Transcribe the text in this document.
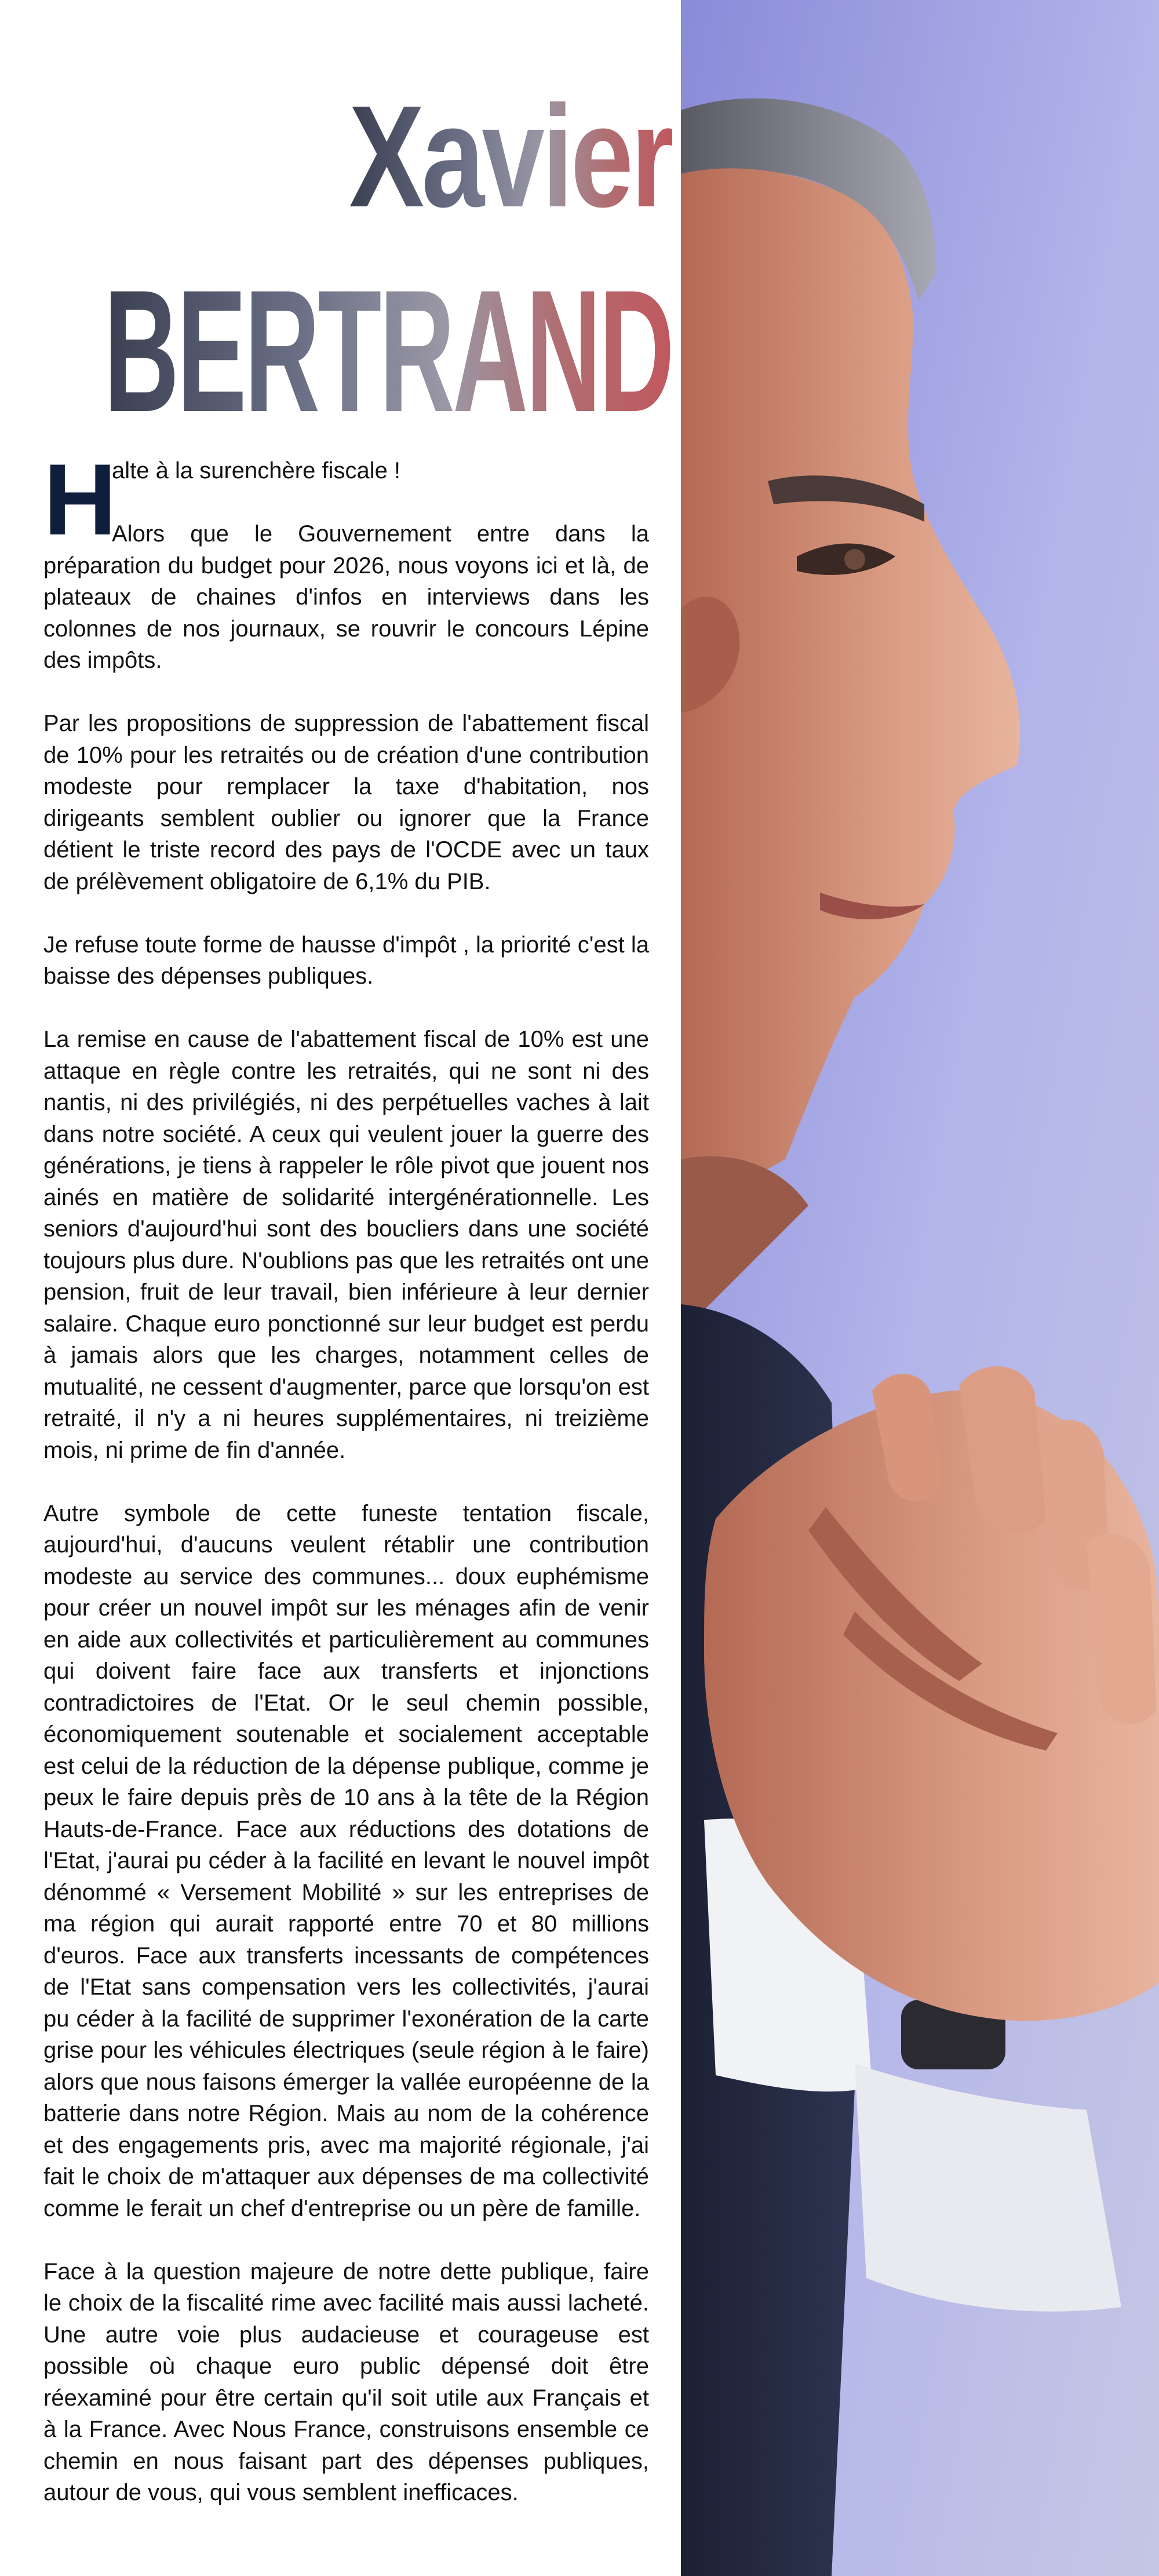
Xavier
BERTRAND
H
alte à la surenchère fiscale !
Alors que le Gouvernement entre dans la préparation du budget pour 2026, nous voyons ici et là, de plateaux de chaines d'infos en interviews dans les colonnes de nos journaux, se rouvrir le concours Lépine des impôts.

Par les propositions de suppression de l'abattement fiscal de 10% pour les retraités ou de création d'une contribution modeste pour remplacer la taxe d'habitation, nos dirigeants semblent oublier ou ignorer que la France détient le triste record des pays de l'OCDE avec un taux de prélèvement obligatoire de 6,1% du PIB.

Je refuse toute forme de hausse d'impôt , la priorité c'est la baisse des dépenses publiques.

La remise en cause de l'abattement fiscal de 10% est une attaque en règle contre les retraités, qui ne sont ni des nantis, ni des privilégiés, ni des perpétuelles vaches à lait dans notre société. A ceux qui veulent jouer la guerre des générations, je tiens à rappeler le rôle pivot que jouent nos ainés en matière de solidarité intergénérationnelle. Les seniors d'aujourd'hui sont des boucliers dans une société toujours plus dure. N'oublions pas que les retraités ont une pension, fruit de leur travail, bien inférieure à leur dernier salaire. Chaque euro ponctionné sur leur budget est perdu à jamais alors que les charges, notamment celles de mutualité, ne cessent d'augmenter, parce que lorsqu'on est retraité, il n'y a ni heures supplémentaires, ni treizième mois, ni prime de fin d'année.

Autre symbole de cette funeste tentation fiscale, aujourd'hui, d'aucuns veulent rétablir une contribution modeste au service des communes... doux euphémisme pour créer un nouvel impôt sur les ménages afin de venir en aide aux collectivités et particulièrement au communes qui doivent faire face aux transferts et injonctions contradictoires de l'Etat. Or le seul chemin possible, économiquement soutenable et socialement acceptable est celui de la réduction de la dépense publique, comme je peux le faire depuis près de 10 ans à la tête de la Région Hauts-de-France. Face aux réductions des dotations de l'Etat, j'aurai pu céder à la facilité en levant le nouvel impôt dénommé « Versement Mobilité » sur les entreprises de ma région qui aurait rapporté entre 70 et 80 millions d'euros. Face aux transferts incessants de compétences de l'Etat sans compensation vers les collectivités, j'aurai pu céder à la facilité de supprimer l'exonération de la carte grise pour les véhicules électriques (seule région à le faire) alors que nous faisons émerger la vallée européenne de la batterie dans notre Région. Mais au nom de la cohérence et des engagements pris, avec ma majorité régionale, j'ai fait le choix de m'attaquer aux dépenses de ma collectivité comme le ferait un chef d'entreprise ou un père de famille.

Face à la question majeure de notre dette publique, faire le choix de la fiscalité rime avec facilité mais aussi lacheté. Une autre voie plus audacieuse et courageuse est possible où chaque euro public dépensé doit être réexaminé pour être certain qu'il soit utile aux Français et à la France. Avec Nous France, construisons ensemble ce chemin en nous faisant part des dépenses publiques, autour de vous, qui vous semblent inefficaces.
